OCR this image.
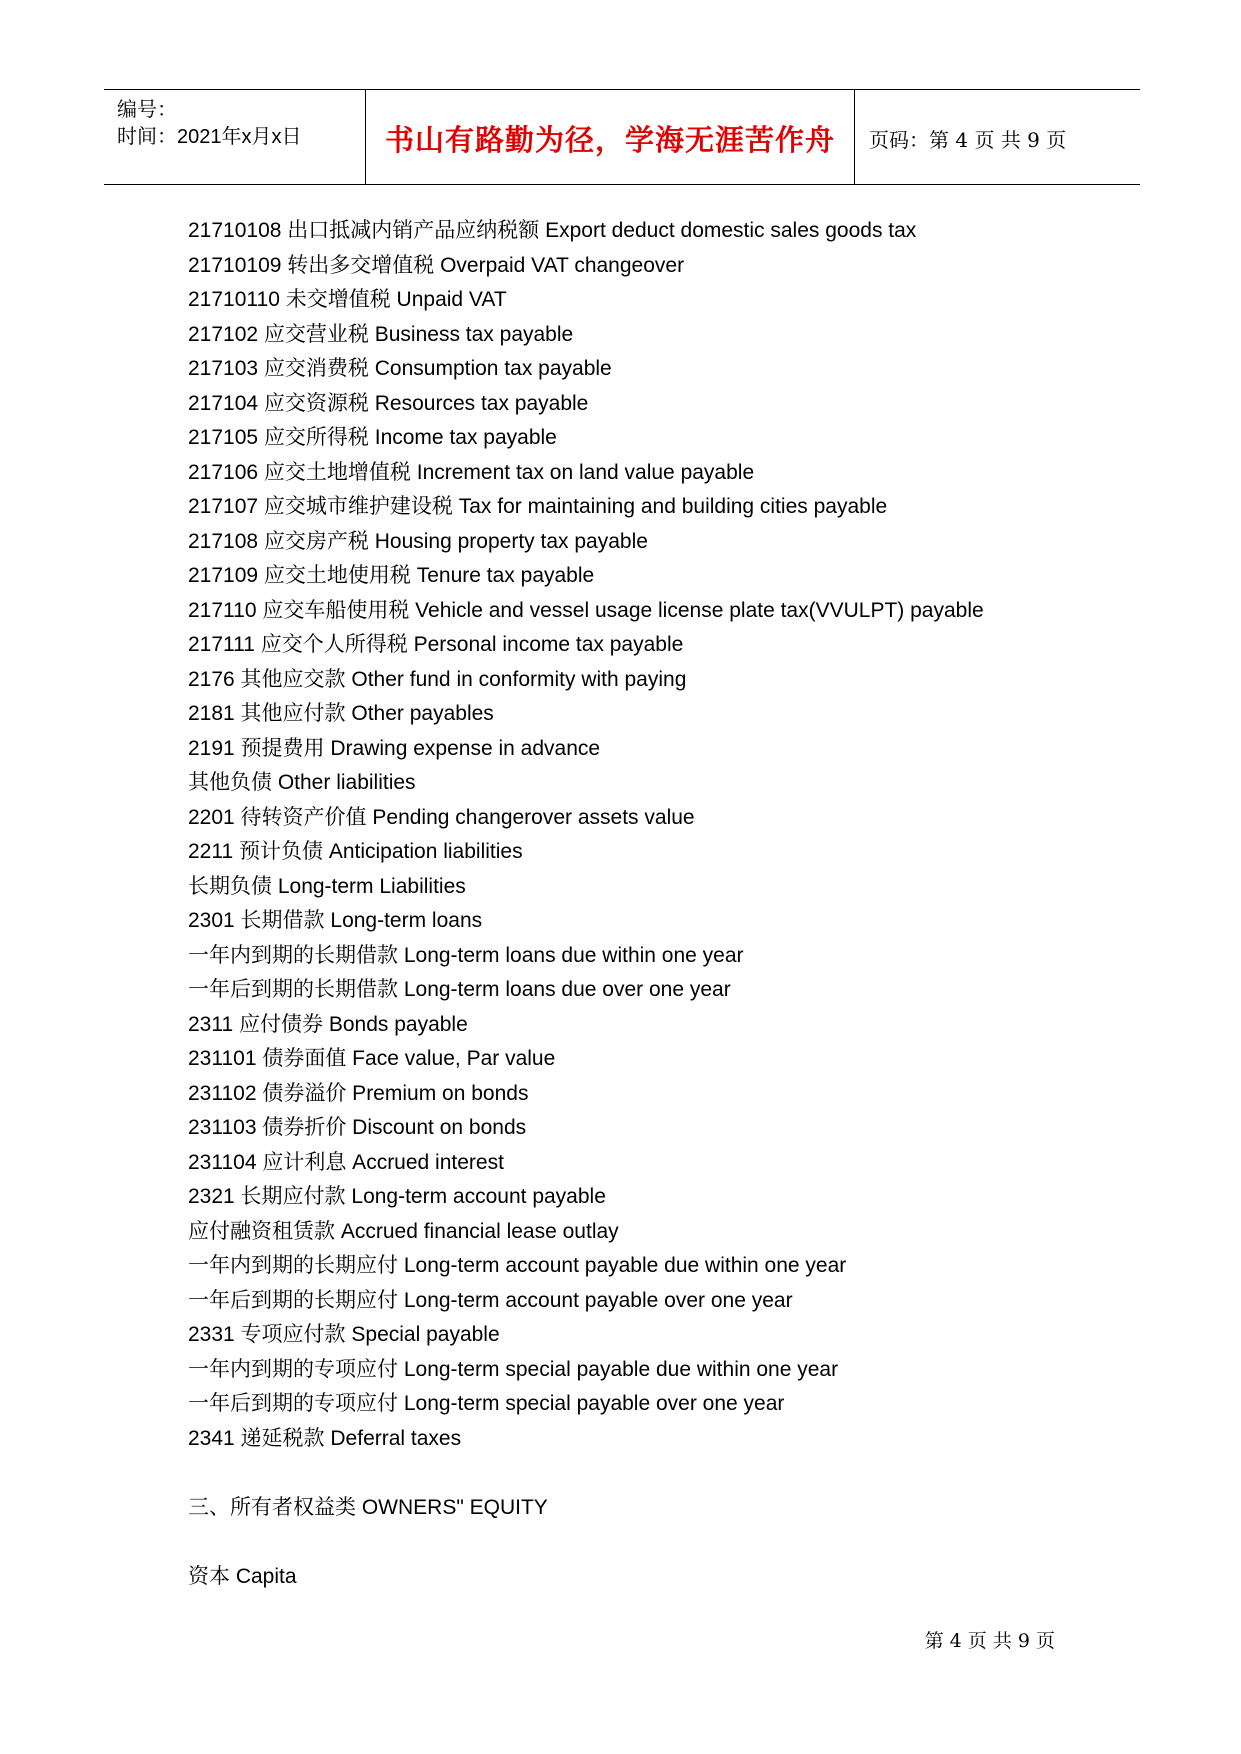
编号：
时间：2021年x月x日	书山有路勤为径，学海无涯苦作舟	页码：第 4 页 共 9 页
21710108 出口抵减内销产品应纳税额 Export deduct domestic sales goods tax
21710109 转出多交增值税 Overpaid VAT changeover
21710110 未交增值税 Unpaid VAT
217102 应交营业税 Business tax payable
217103 应交消费税 Consumption tax payable
217104 应交资源税 Resources tax payable
217105 应交所得税 Income tax payable
217106 应交土地增值税 Increment tax on land value payable
217107 应交城市维护建设税 Tax for maintaining and building cities payable
217108 应交房产税 Housing property tax payable
217109 应交土地使用税 Tenure tax payable
217110 应交车船使用税 Vehicle and vessel usage license plate tax(VVULPT) payable
217111 应交个人所得税 Personal income tax payable
2176 其他应交款 Other fund in conformity with paying
2181 其他应付款 Other payables
2191 预提费用 Drawing expense in advance
其他负债 Other liabilities
2201 待转资产价值 Pending changerover assets value
2211 预计负债 Anticipation liabilities
长期负债 Long-term Liabilities
2301 长期借款 Long-term loans
一年内到期的长期借款 Long-term loans due within one year
一年后到期的长期借款 Long-term loans due over one year
2311 应付债券 Bonds payable
231101 债券面值 Face value, Par value
231102 债券溢价 Premium on bonds
231103 债券折价 Discount on bonds
231104 应计利息 Accrued interest
2321 长期应付款 Long-term account payable
应付融资租赁款 Accrued financial lease outlay
一年内到期的长期应付 Long-term account payable due within one year
一年后到期的长期应付 Long-term account payable over one year
2331 专项应付款 Special payable
一年内到期的专项应付 Long-term special payable due within one year
一年后到期的专项应付 Long-term special payable over one year
2341 递延税款 Deferral taxes
三、所有者权益类 OWNERS" EQUITY
资本 Capita
第 4 页 共 9 页
